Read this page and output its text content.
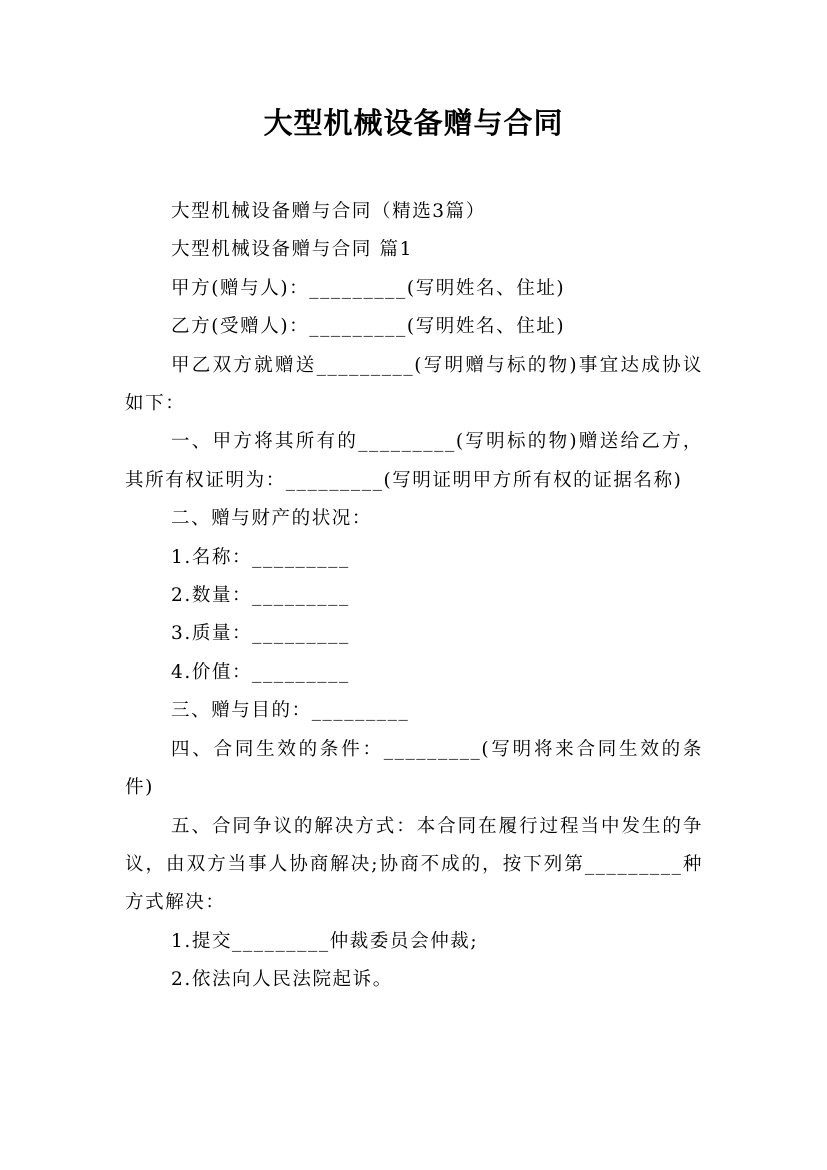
大型机械设备赠与合同

大型机械设备赠与合同（精选3篇）

大型机械设备赠与合同 篇1

甲方(赠与人)：_________(写明姓名、住址)

乙方(受赠人)：_________(写明姓名、住址)

甲乙双方就赠送_________(写明赠与标的物)事宜达成协议如下：

一、甲方将其所有的_________(写明标的物)赠送给乙方，其所有权证明为：_________(写明证明甲方所有权的证据名称)

二、赠与财产的状况：

1.名称：_________

2.数量：_________

3.质量：_________

4.价值：_________

三、赠与目的：_________

四、合同生效的条件：_________(写明将来合同生效的条件)

五、合同争议的解决方式：本合同在履行过程当中发生的争议，由双方当事人协商解决;协商不成的，按下列第_________种方式解决：

1.提交_________仲裁委员会仲裁;

2.依法向人民法院起诉。
